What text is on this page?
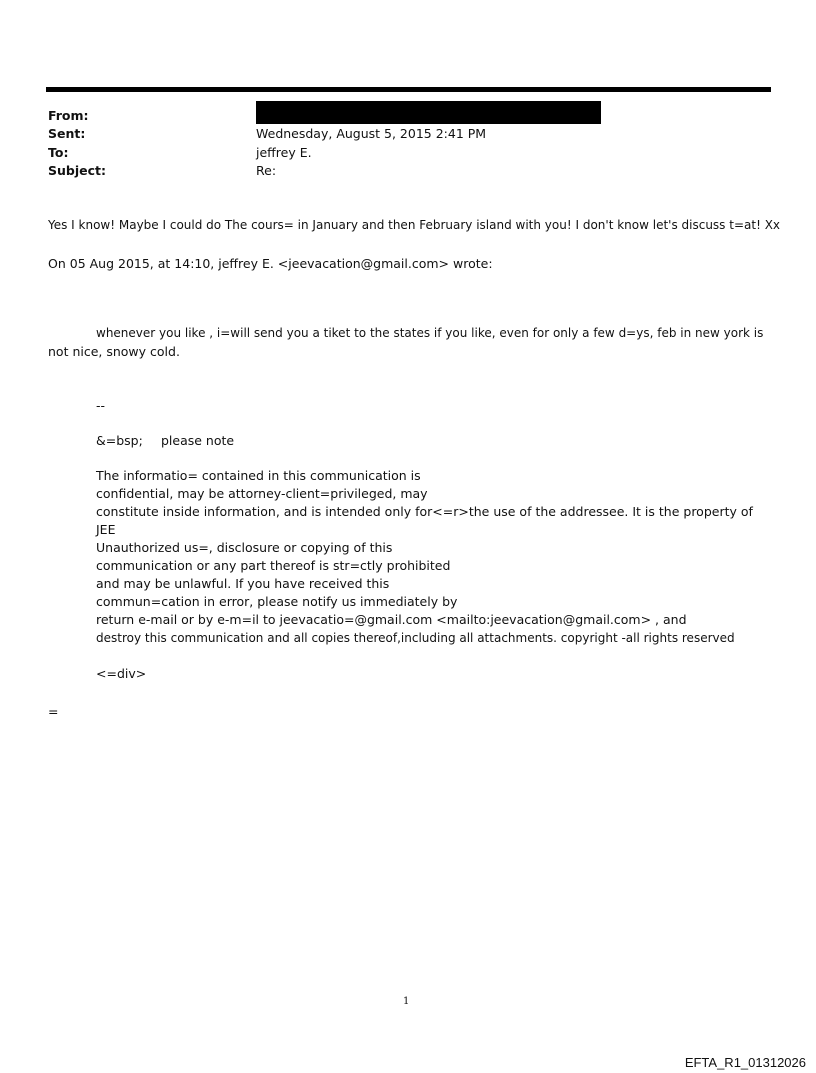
From:
Sent:	Wednesday, August 5, 2015 2:41 PM
To:	jeffrey E.
Subject:	Re:
Yes I know! Maybe I could do The cours= in January and then February island with you! I don't know let's discuss t=at! Xx
On 05 Aug 2015, at 14:10, jeffrey E. <jeevacation@gmail.com> wrote:
whenever you like , i=will send you a tiket to the states if you like, even for only a few d=ys, feb in new york is
not nice, snowy cold.
--
&=bsp; please note
The informatio= contained in this communication is
confidential, may be attorney-client=privileged, may
constitute inside information, and is intended only for<=r>the use of the addressee. It is the property of
JEE
Unauthorized us=, disclosure or copying of this
communication or any part thereof is str=ctly prohibited
and may be unlawful. If you have received this
commun=cation in error, please notify us immediately by
return e-mail or by e-m=il to jeevacatio=@gmail.com <mailto:jeevacation@gmail.com> , and
destroy this communication and all copies thereof,including all attachments. copyright -all rights reserved
<=div>
=
1
EFTA_R1_01312026
